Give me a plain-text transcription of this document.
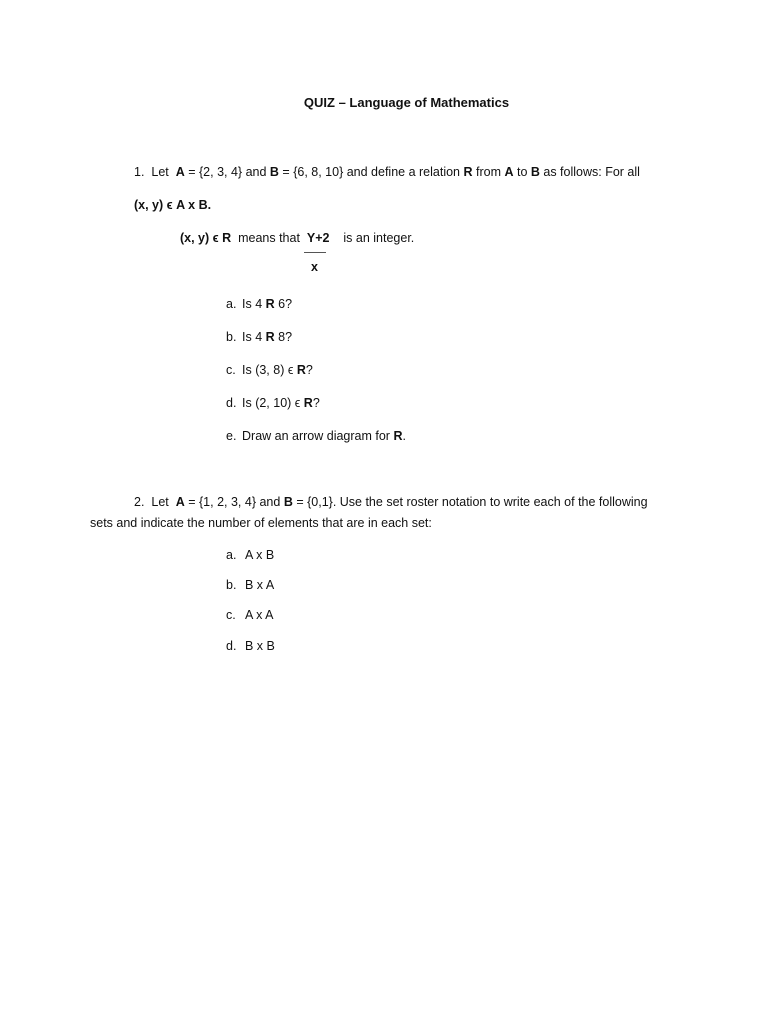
QUIZ – Language of Mathematics
1. Let A = {2, 3, 4} and B = {6, 8, 10} and define a relation R from A to B as follows: For all
(x, y) ϵ A x B.
(x, y) ϵ R means that Y+2 is an integer.
x
a. Is 4 R 6?
b. Is 4 R 8?
c. Is (3, 8) ϵ R?
d. Is (2, 10) ϵ R?
e. Draw an arrow diagram for R.
2. Let A = {1, 2, 3, 4} and B = {0,1}. Use the set roster notation to write each of the following
sets and indicate the number of elements that are in each set:
a. A x B
b. B x A
c. A x A
d. B x B
